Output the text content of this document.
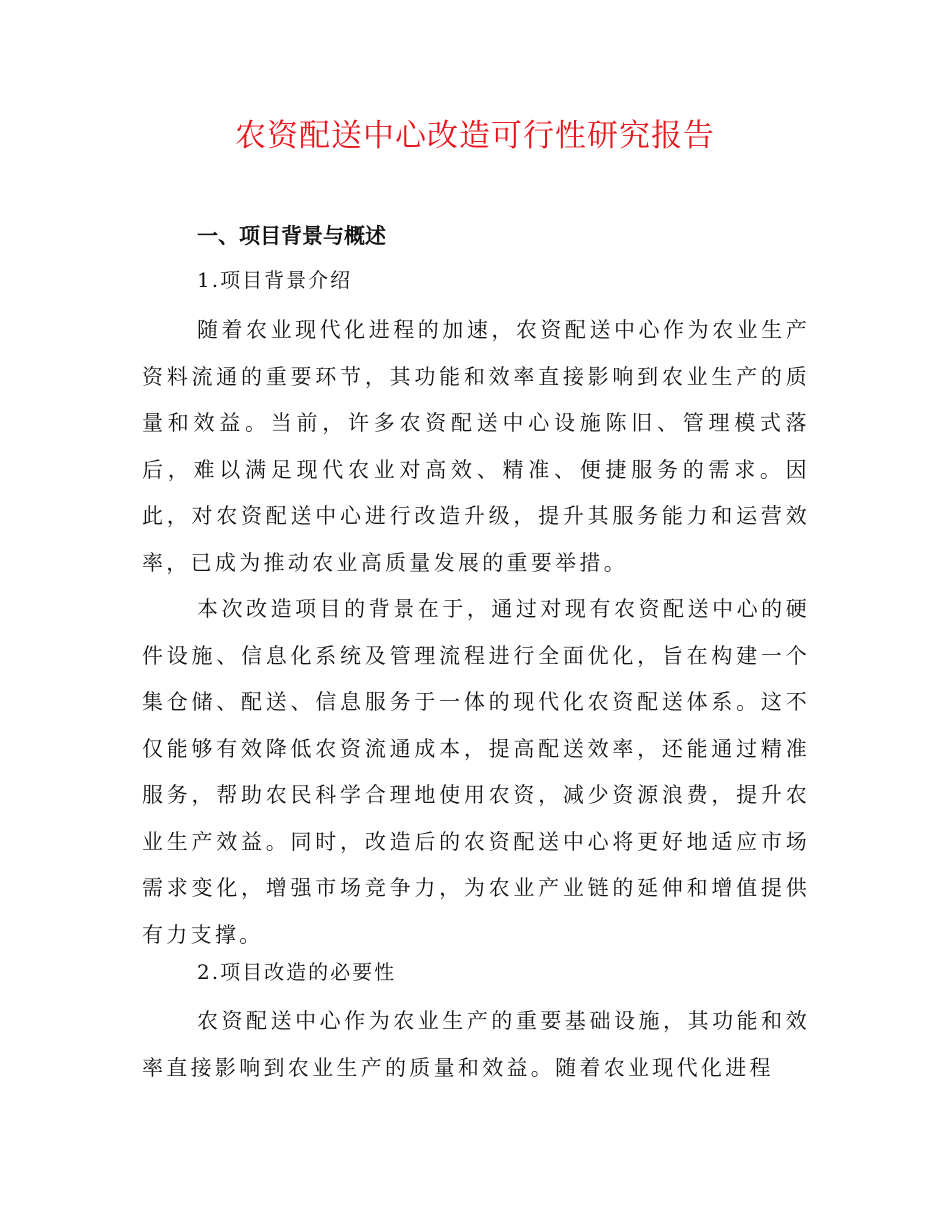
农资配送中心改造可行性研究报告
一、项目背景与概述
1.项目背景介绍

随着农业现代化进程的加速，农资配送中心作为农业生产资料流通的重要环节，其功能和效率直接影响到农业生产的质量和效益。当前，许多农资配送中心设施陈旧、管理模式落后，难以满足现代农业对高效、精准、便捷服务的需求。因此，对农资配送中心进行改造升级，提升其服务能力和运营效率，已成为推动农业高质量发展的重要举措。

本次改造项目的背景在于，通过对现有农资配送中心的硬件设施、信息化系统及管理流程进行全面优化，旨在构建一个集仓储、配送、信息服务于一体的现代化农资配送体系。这不仅能够有效降低农资流通成本，提高配送效率，还能通过精准服务，帮助农民科学合理地使用农资，减少资源浪费，提升农业生产效益。同时，改造后的农资配送中心将更好地适应市场需求变化，增强市场竞争力，为农业产业链的延伸和增值提供有力支撑。

2.项目改造的必要性

农资配送中心作为农业生产的重要基础设施，其功能和效率直接影响到农业生产的质量和效益。随着农业现代化进程
